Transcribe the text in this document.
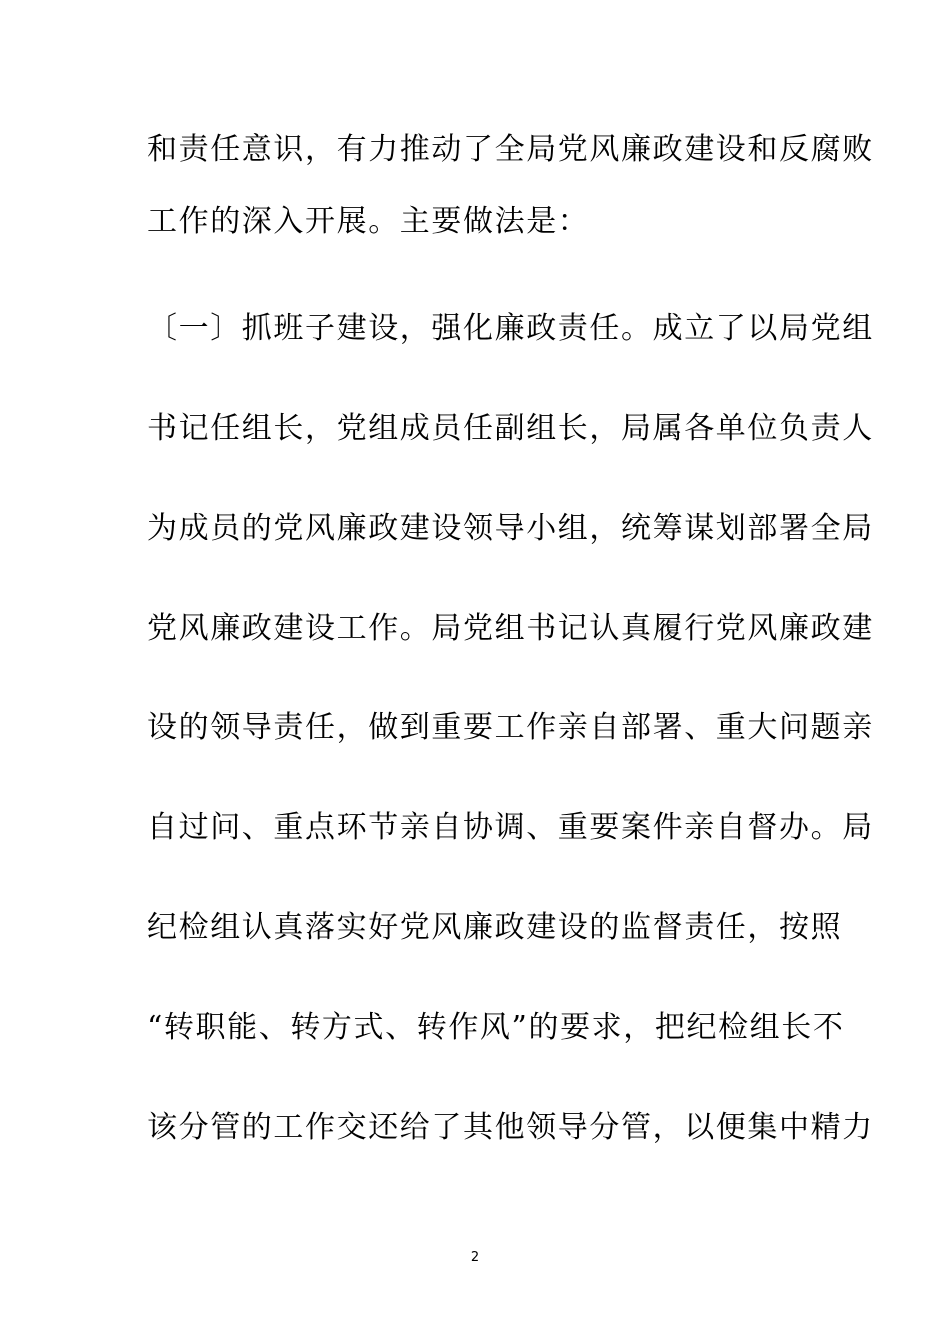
和责任意识，有力推动了全局党风廉政建设和反腐败
工作的深入开展。主要做法是：
〔一〕抓班子建设，强化廉政责任。成立了以局党组
书记任组长，党组成员任副组长，局属各单位负责人
为成员的党风廉政建设领导小组，统筹谋划部署全局
党风廉政建设工作。局党组书记认真履行党风廉政建
设的领导责任，做到重要工作亲自部署、重大问题亲
自过问、重点环节亲自协调、重要案件亲自督办。局
纪检组认真落实好党风廉政建设的监督责任，按照
“转职能、转方式、转作风”的要求，把纪检组长不
该分管的工作交还给了其他领导分管，以便集中精力
2
